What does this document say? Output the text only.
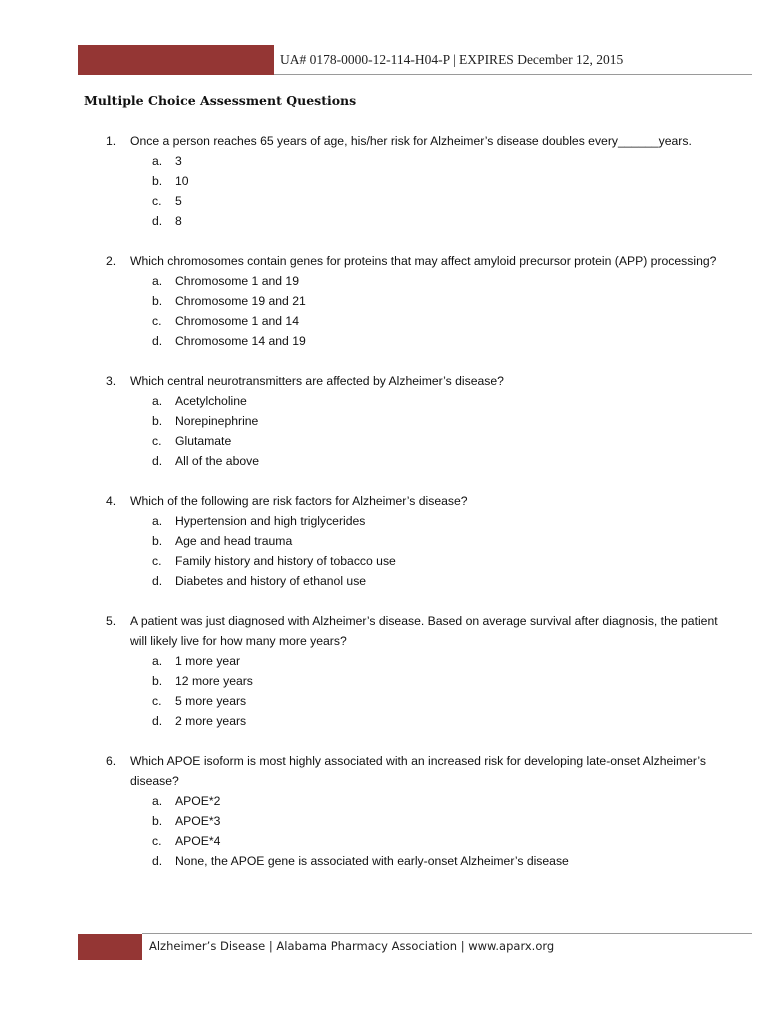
UA# 0178-0000-12-114-H04-P | EXPIRES December 12, 2015
Multiple Choice Assessment Questions
1.	Once a person reaches 65 years of age, his/her risk for Alzheimer’s disease doubles every______years.
a.	3
b.	10
c.	5
d.	8
2.	Which chromosomes contain genes for proteins that may affect amyloid precursor protein (APP) processing?
a.	Chromosome 1 and 19
b.	Chromosome 19 and 21
c.	Chromosome 1 and 14
d.	Chromosome 14 and 19
3.	Which central neurotransmitters are affected by Alzheimer’s disease?
a.	Acetylcholine
b.	Norepinephrine
c.	Glutamate
d.	All of the above
4.	Which of the following are risk factors for Alzheimer’s disease?
a.	Hypertension and high triglycerides
b.	Age and head trauma
c.	Family history and history of tobacco use
d.	Diabetes and history of ethanol use
5.	A patient was just diagnosed with Alzheimer’s disease. Based on average survival after diagnosis, the patient will likely live for how many more years?
a.	1 more year
b.	12 more years
c.	5 more years
d.	2 more years
6.	Which APOE isoform is most highly associated with an increased risk for developing late-onset Alzheimer’s disease?
a.	APOE*2
b.	APOE*3
c.	APOE*4
d.	None, the APOE gene is associated with early-onset Alzheimer’s disease
Alzheimer’s Disease | Alabama Pharmacy Association | www.aparx.org
